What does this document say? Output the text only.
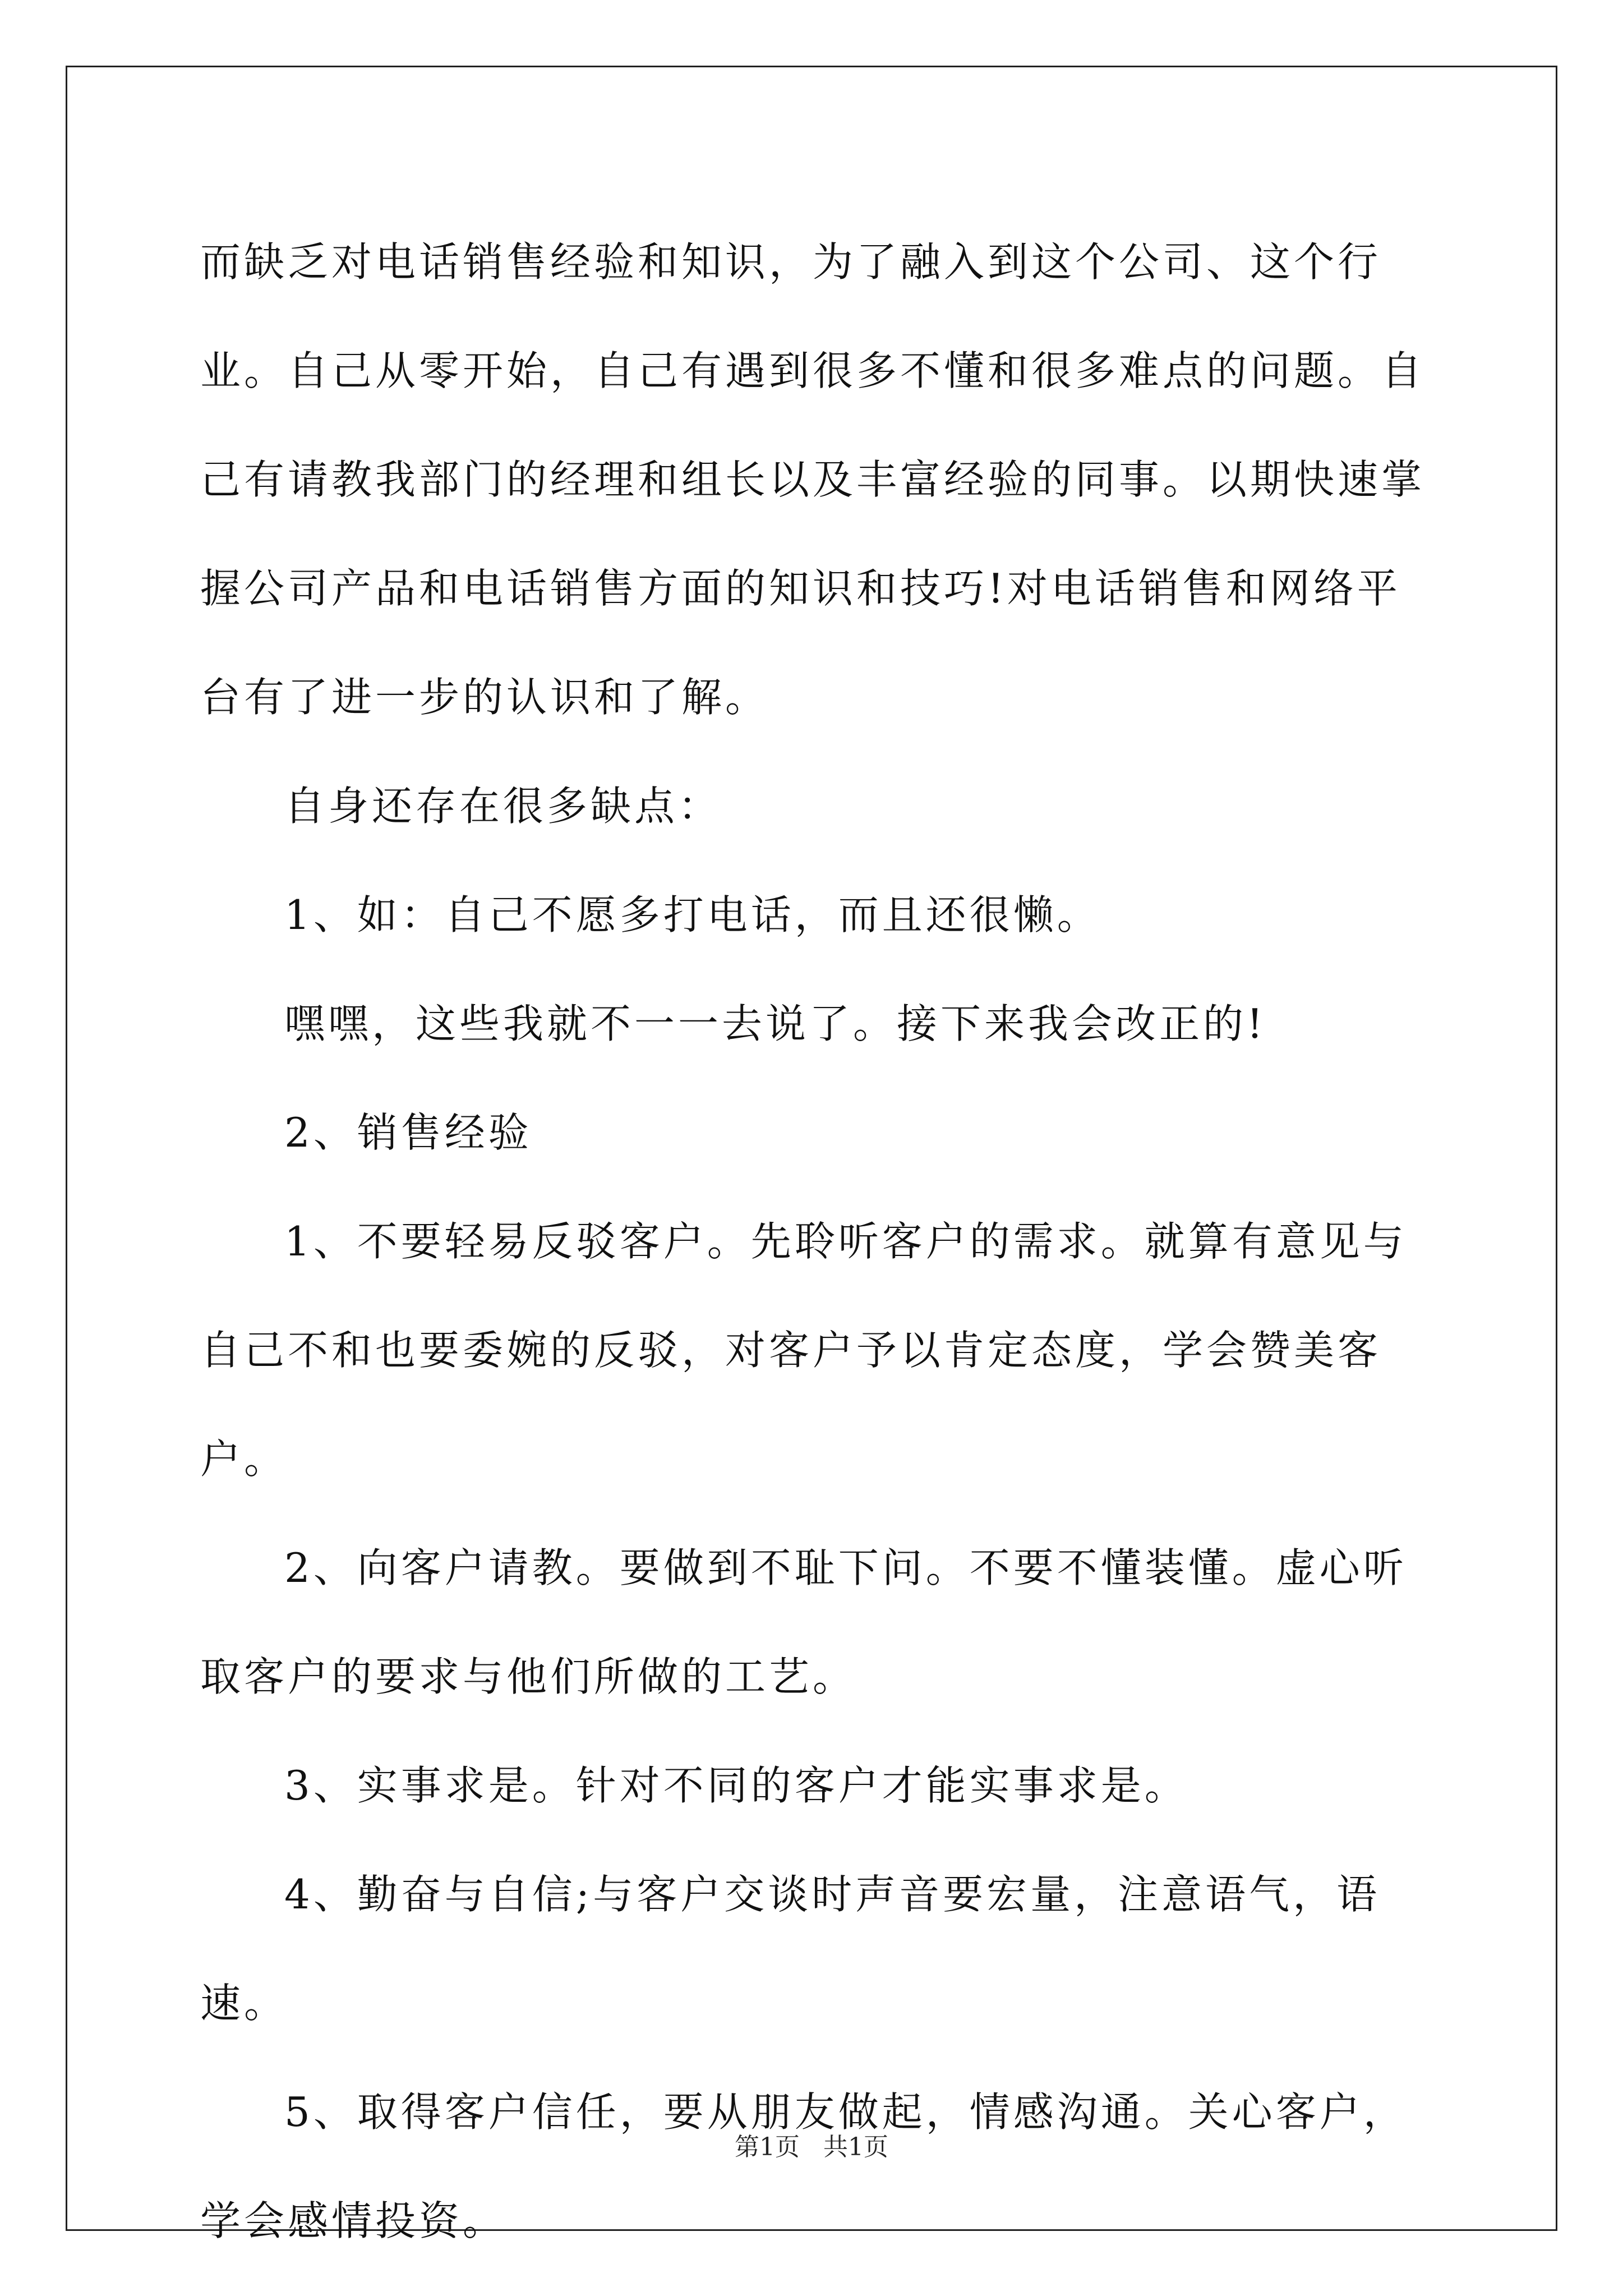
而缺乏对电话销售经验和知识，为了融入到这个公司、这个行业。自己从零开始，自己有遇到很多不懂和很多难点的问题。自己有请教我部门的经理和组长以及丰富经验的同事。以期快速掌握公司产品和电话销售方面的知识和技巧!对电话销售和网络平台有了进一步的认识和了解。

自身还存在很多缺点：

1、如：自己不愿多打电话，而且还很懒。

嘿嘿，这些我就不一一去说了。接下来我会改正的!

2、销售经验

1、不要轻易反驳客户。先聆听客户的需求。就算有意见与自己不和也要委婉的反驳，对客户予以肯定态度，学会赞美客户。

2、向客户请教。要做到不耻下问。不要不懂装懂。虚心听取客户的要求与他们所做的工艺。

3、实事求是。针对不同的客户才能实事求是。

4、勤奋与自信;与客户交谈时声音要宏量，注意语气，语速。

5、取得客户信任，要从朋友做起，情感沟通。关心客户，学会感情投资。

第1页 共1页
